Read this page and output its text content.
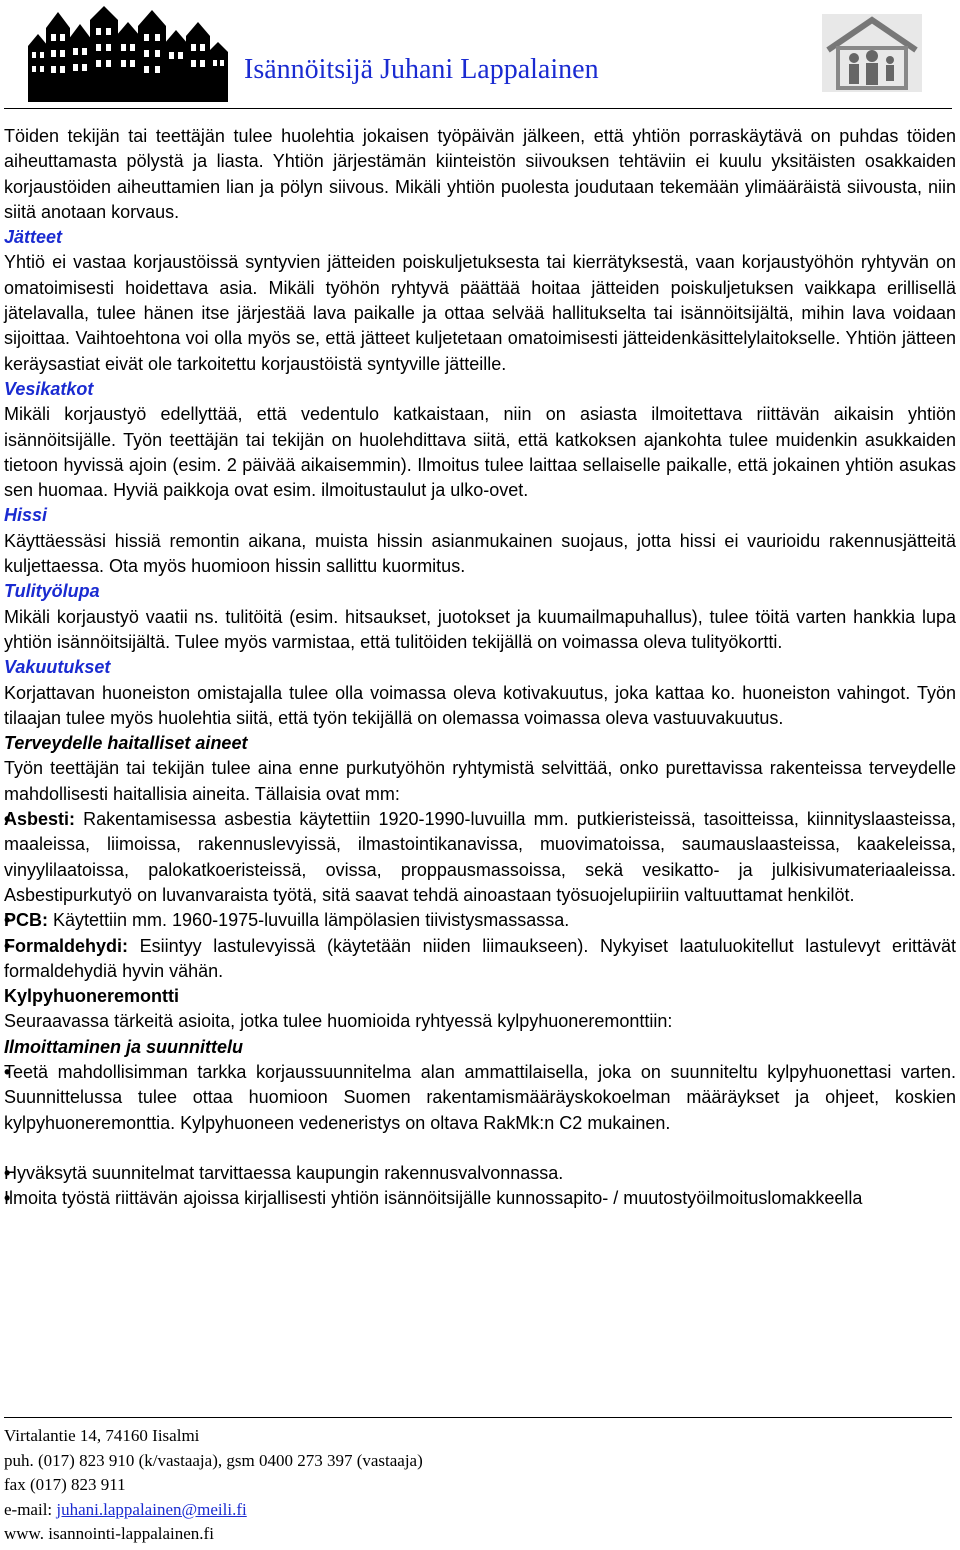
Isännöitsijä Juhani Lappalainen

Töiden tekijän tai teettäjän tulee huolehtia jokaisen työpäivän jälkeen, että yhtiön porraskäytävä on puhdas töiden aiheuttamasta pölystä ja liasta. Yhtiön järjestämän kiinteistön siivouksen tehtäviin ei kuulu yksitäisten osakkaiden korjaustöiden aiheuttamien lian ja pölyn siivous. Mikäli yhtiön puolesta joudutaan tekemään ylimääräistä siivousta, niin siitä anotaan korvaus.

Jätteet

Yhtiö ei vastaa korjaustöissä syntyvien jätteiden poiskuljetuksesta tai kierrätyksestä, vaan korjaustyöhön ryhtyvän on omatoimisesti hoidettava asia. Mikäli työhön ryhtyvä päättää hoitaa jätteiden poiskuljetuksen vaikkapa erillisellä jätelavalla, tulee hänen itse järjestää lava paikalle ja ottaa selvää hallitukselta tai isännöitsijältä, mihin lava voidaan sijoittaa. Vaihtoehtona voi olla myös se, että jätteet kuljetetaan omatoimisesti jätteidenkäsittelylaitokselle. Yhtiön jätteen keräysastiat eivät ole tarkoitettu korjaustöistä syntyville jätteille.

Vesikatkot

Mikäli korjaustyö edellyttää, että vedentulo katkaistaan, niin on asiasta ilmoitettava riittävän aikaisin yhtiön isännöitsijälle. Työn teettäjän tai tekijän on huolehdittava siitä, että katkoksen ajankohta tulee muidenkin asukkaiden tietoon hyvissä ajoin (esim. 2 päivää aikaisemmin). Ilmoitus tulee laittaa sellaiselle paikalle, että jokainen yhtiön asukas sen huomaa. Hyviä paikkoja ovat esim. ilmoitustaulut ja ulko-ovet.

Hissi

Käyttäessäsi hissiä remontin aikana, muista hissin asianmukainen suojaus, jotta hissi ei vaurioidu rakennusjätteitä kuljettaessa. Ota myös huomioon hissin sallittu kuormitus.

Tulityölupa

Mikäli korjaustyö vaatii ns. tulitöitä (esim. hitsaukset, juotokset ja kuumailmapuhallus), tulee töitä varten hankkia lupa yhtiön isännöitsijältä. Tulee myös varmistaa, että tulitöiden tekijällä on voimassa oleva tulityökortti.

Vakuutukset

Korjattavan huoneiston omistajalla tulee olla voimassa oleva kotivakuutus, joka kattaa ko. huoneiston vahingot. Työn tilaajan tulee myös huolehtia siitä, että työn tekijällä on olemassa voimassa oleva vastuuvakuutus.

Terveydelle haitalliset aineet

Työn teettäjän tai tekijän tulee aina enne purkutyöhön ryhtymistä selvittää, onko purettavissa rakenteissa terveydelle mahdollisesti haitallisia aineita. Tällaisia ovat mm:

• Asbesti: Rakentamisessa asbestia käytettiin 1920-1990-luvuilla mm. putkieristeissä, tasoitteissa, kiinnityslaasteissa, maaleissa, liimoissa, rakennuslevyissä, ilmastointikanavissa, muovimatoissa, saumauslaasteissa, kaakeleissa, vinyylilaatoissa, palokatkoeristeissä, ovissa, proppausmassoissa, sekä vesikatto- ja julkisivumateriaaleissa. Asbestipurkutyö on luvanvaraista työtä, sitä saavat tehdä ainoastaan työsuojelupiiriin valtuuttamat henkilöt.

• PCB: Käytettiin mm. 1960-1975-luvuilla lämpölasien tiivistysmassassa.

• Formaldehydi: Esiintyy lastulevyissä (käytetään niiden liimaukseen). Nykyiset laatuluokitellut lastulevyt erittävät formaldehydiä hyvin vähän.

Kylpyhuoneremontti

Seuraavassa tärkeitä asioita, jotka tulee huomioida ryhtyessä kylpyhuoneremonttiin:

Ilmoittaminen ja suunnittelu

• Teetä mahdollisimman tarkka korjaussuunnitelma alan ammattilaisella, joka on suunniteltu kylpyhuonettasi varten. Suunnittelussa tulee ottaa huomioon Suomen rakentamismääräyskokoelman määräykset ja ohjeet, koskien kylpyhuoneremonttia. Kylpyhuoneen vedeneristys on oltava RakMk:n C2 mukainen.

• Hyväksytä suunnitelmat tarvittaessa kaupungin rakennusvalvonnassa.

• Ilmoita työstä riittävän ajoissa kirjallisesti yhtiön isännöitsijälle kunnossapito- / muutostyöilmoituslomakkeella

Virtalantie 14, 74160 Iisalmi
puh. (017) 823 910 (k/vastaaja), gsm 0400 273 397 (vastaaja)
fax (017) 823 911
e-mail: juhani.lappalainen@meili.fi
www. isannointi-lappalainen.fi
